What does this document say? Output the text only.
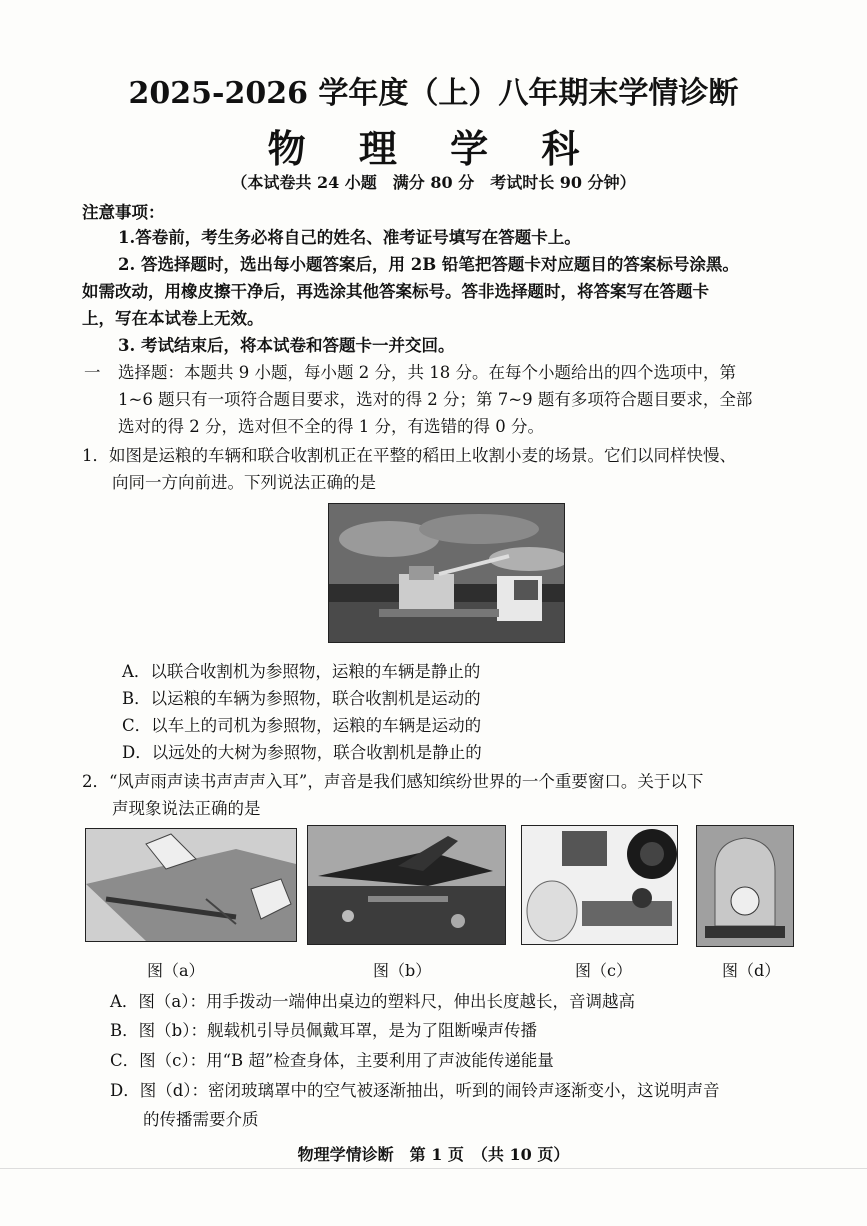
2025-2026 学年度（上）八年期末学情诊断
物 理 学 科
（本试卷共 24 小题　满分 80 分　考试时长 90 分钟）
注意事项：
1.答卷前，考生务必将自己的姓名、准考证号填写在答题卡上。
2. 答选择题时，选出每小题答案后，用 2B 铅笔把答题卡对应题目的答案标号涂黑。
如需改动，用橡皮擦干净后，再选涂其他答案标号。答非选择题时，将答案写在答题卡
上，写在本试卷上无效。
3. 考试结束后，将本试卷和答题卡一并交回。
一 选择题：本题共 9 小题，每小题 2 分，共 18 分。在每个小题给出的四个选项中，第
1~6 题只有一项符合题目要求，选对的得 2 分；第 7~9 题有多项符合题目要求，全部
选对的得 2 分，选对但不全的得 1 分，有选错的得 0 分。
1．如图是运粮的车辆和联合收割机正在平整的稻田上收割小麦的场景。它们以同样快慢、
向同一方向前进。下列说法正确的是
A．以联合收割机为参照物，运粮的车辆是静止的
B．以运粮的车辆为参照物，联合收割机是运动的
C．以车上的司机为参照物，运粮的车辆是运动的
D．以远处的大树为参照物，联合收割机是静止的
2．“风声雨声读书声声声入耳”，声音是我们感知缤纷世界的一个重要窗口。关于以下
声现象说法正确的是
图（a）	图（b）	图（c）	图（d）
A．图（a）：用手拨动一端伸出桌边的塑料尺，伸出长度越长，音调越高
B．图（b）：舰载机引导员佩戴耳罩，是为了阻断噪声传播
C．图（c）：用“B 超”检查身体，主要利用了声波能传递能量
D．图（d）：密闭玻璃罩中的空气被逐渐抽出，听到的闹铃声逐渐变小，这说明声音
的传播需要介质
物理学情诊断　第 1 页　（共 10 页）
